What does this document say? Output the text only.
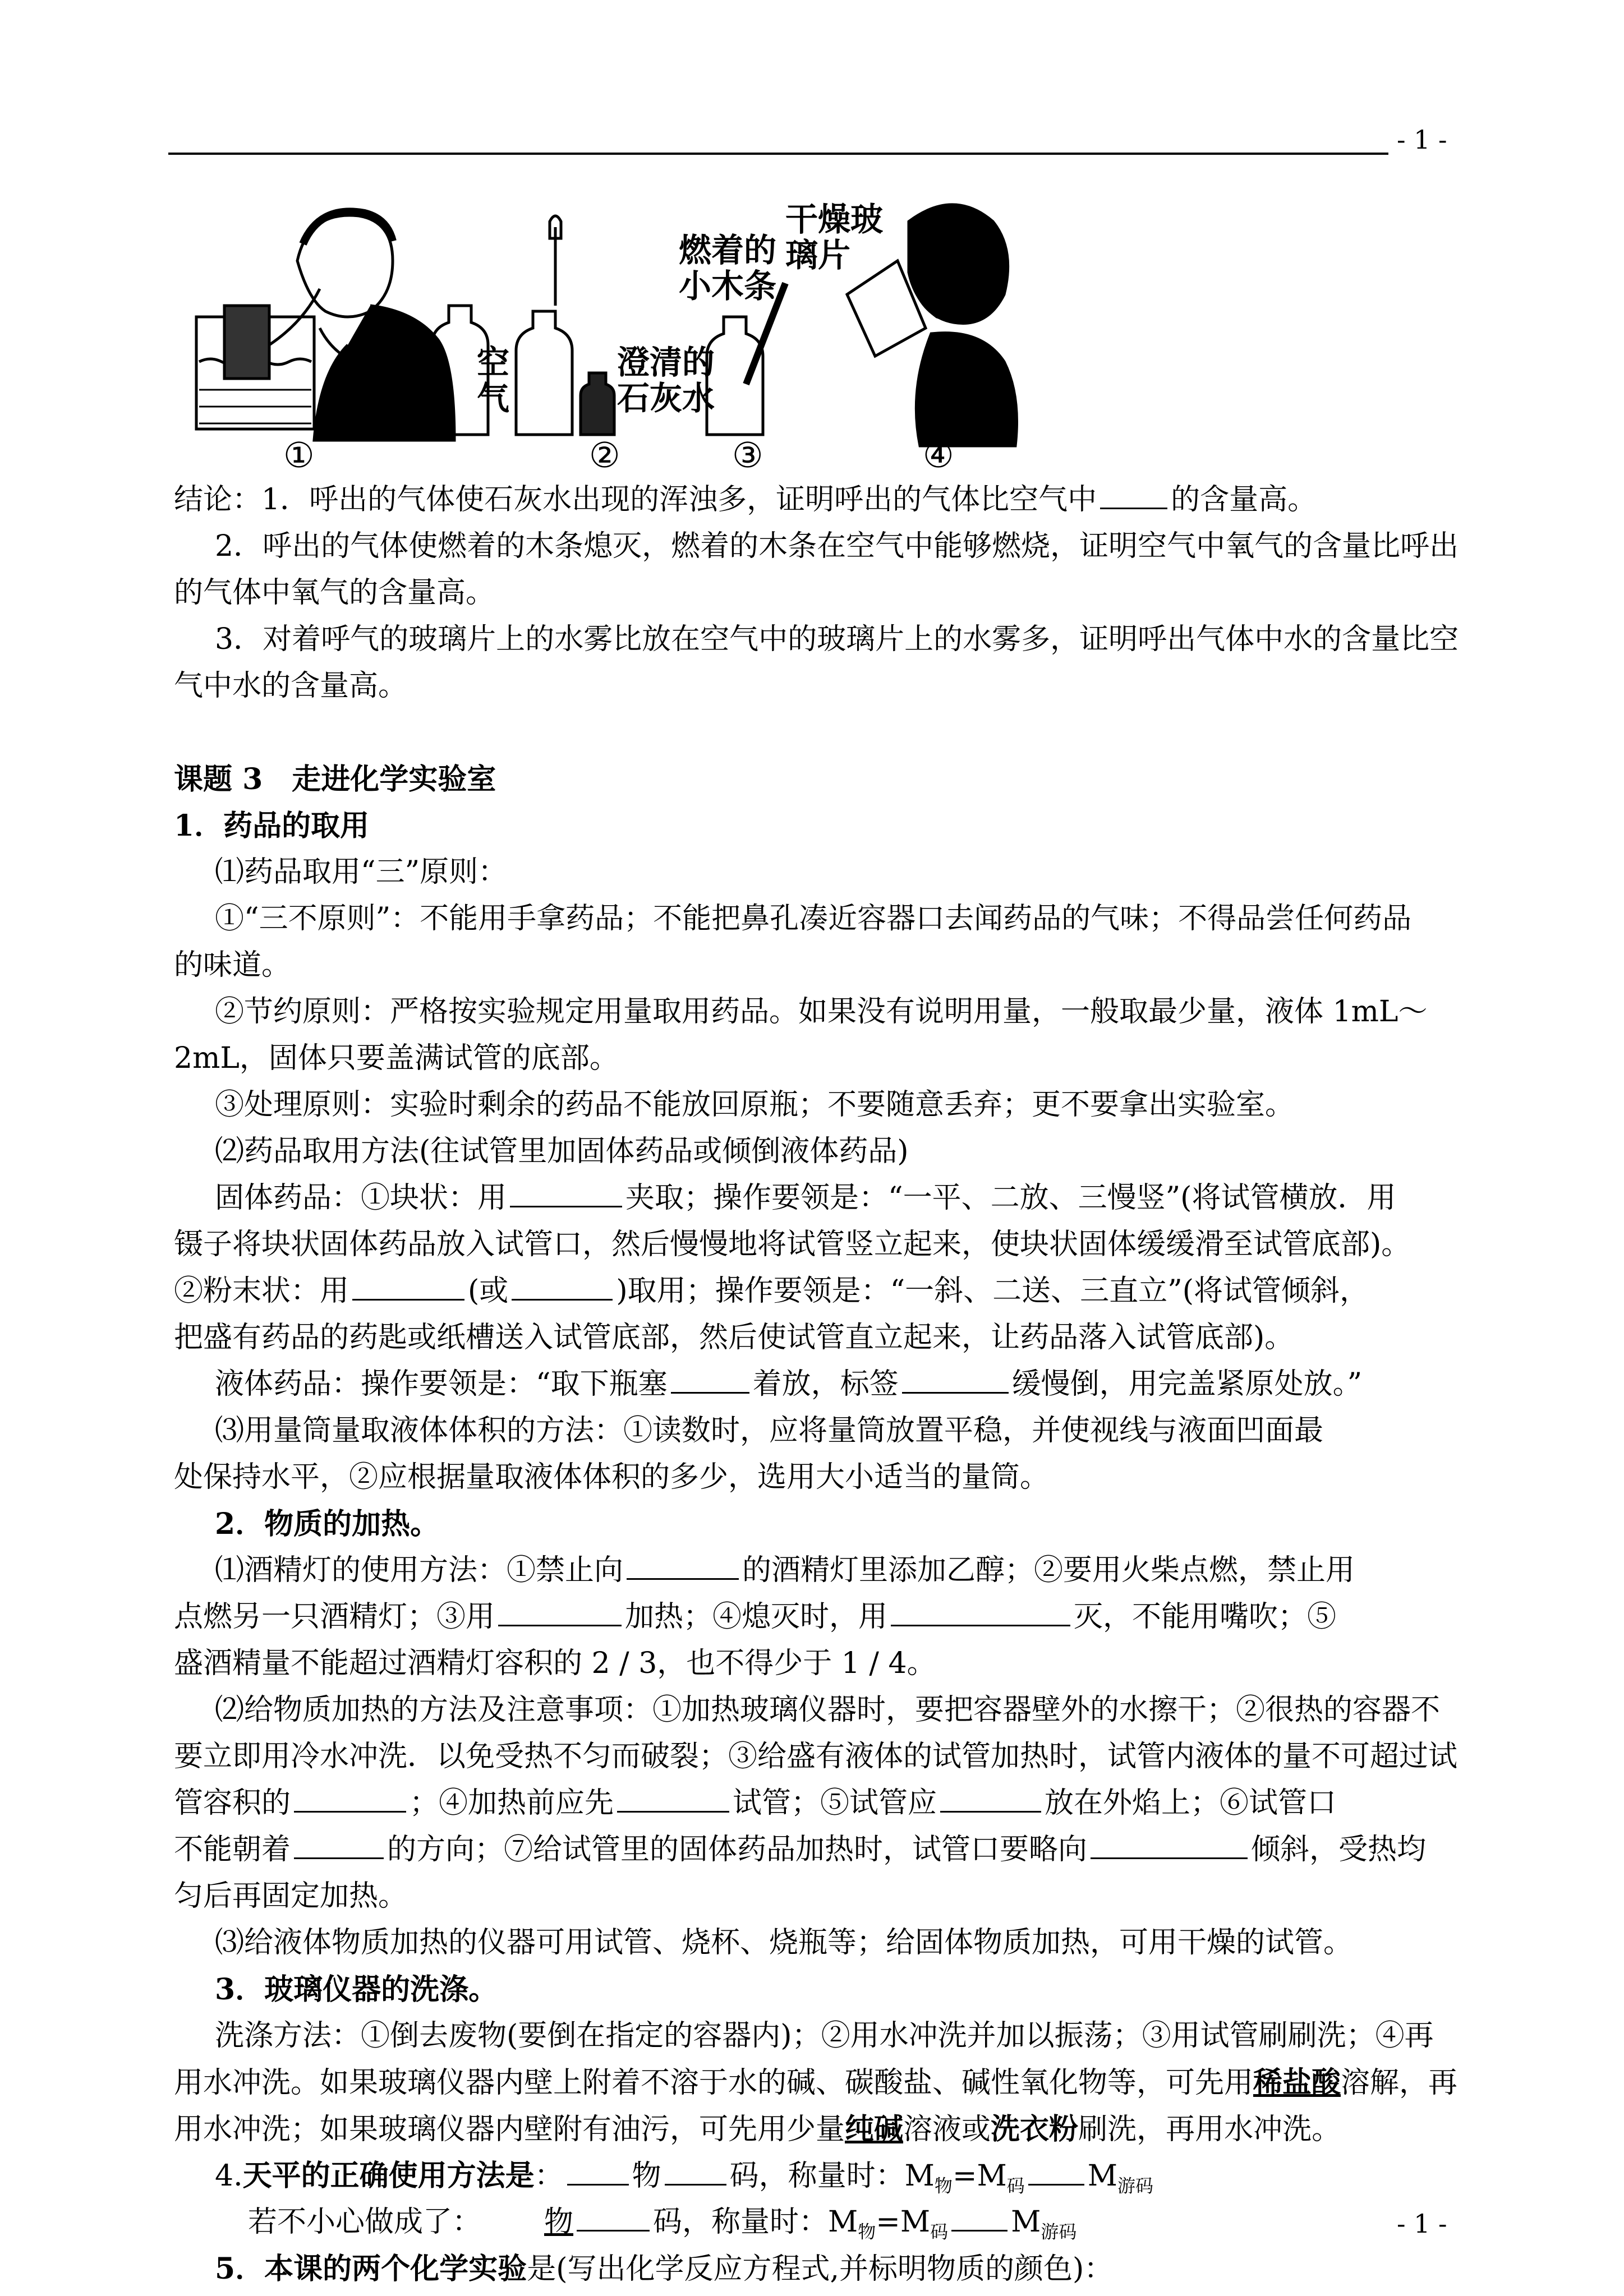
- 1 -
空气
澄清的石灰水
燃着的小木条
干燥玻璃片
①	②	③	④
结论：1．呼出的气体使石灰水出现的浑浊多，证明呼出的气体比空气中	的含量高。
2．呼出的气体使燃着的木条熄灭，燃着的木条在空气中能够燃烧，证明空气中氧气的含量比呼出
的气体中氧气的含量高。
3．对着呼气的玻璃片上的水雾比放在空气中的玻璃片上的水雾多，证明呼出气体中水的含量比空
气中水的含量高。
课题 3　走进化学实验室
1．药品的取用
⑴药品取用“三”原则：
①“三不原则”：不能用手拿药品；不能把鼻孔凑近容器口去闻药品的气味；不得品尝任何药品
的味道。
②节约原则：严格按实验规定用量取用药品。如果没有说明用量，一般取最少量，液体 1mL～
2mL，固体只要盖满试管的底部。
③处理原则：实验时剩余的药品不能放回原瓶；不要随意丢弃；更不要拿出实验室。
⑵药品取用方法(往试管里加固体药品或倾倒液体药品)
固体药品：①块状：用	夹取；操作要领是：“一平、二放、三慢竖”(将试管横放．用
镊子将块状固体药品放入试管口，然后慢慢地将试管竖立起来，使块状固体缓缓滑至试管底部)。
②粉末状：用	(或	)取用；操作要领是：“一斜、二送、三直立”(将试管倾斜，
把盛有药品的药匙或纸槽送入试管底部，然后使试管直立起来，让药品落入试管底部)。
液体药品：操作要领是：“取下瓶塞	着放，标签	缓慢倒，用完盖紧原处放。”
⑶用量筒量取液体体积的方法：①读数时，应将量筒放置平稳，并使视线与液面凹面最
处保持水平，②应根据量取液体体积的多少，选用大小适当的量筒。
2．物质的加热。
⑴酒精灯的使用方法：①禁止向	的酒精灯里添加乙醇；②要用火柴点燃，禁止用
点燃另一只酒精灯；③用	加热；④熄灭时，用	灭，不能用嘴吹；⑤
盛酒精量不能超过酒精灯容积的 2 / 3，也不得少于 1 / 4。
⑵给物质加热的方法及注意事项：①加热玻璃仪器时，要把容器壁外的水擦干；②很热的容器不
要立即用冷水冲洗．以免受热不匀而破裂；③给盛有液体的试管加热时，试管内液体的量不可超过试
管容积的	；④加热前应先	试管；⑤试管应	放在外焰上；⑥试管口
不能朝着	的方向；⑦给试管里的固体药品加热时，试管口要略向	倾斜，受热均
匀后再固定加热。
⑶给液体物质加热的仪器可用试管、烧杯、烧瓶等；给固体物质加热，可用干燥的试管。
3．玻璃仪器的洗涤。
洗涤方法：①倒去废物(要倒在指定的容器内)；②用水冲洗并加以振荡；③用试管刷刷洗；④再
用水冲洗。如果玻璃仪器内壁上附着不溶于水的碱、碳酸盐、碱性氧化物等，可先用稀盐酸溶解，再
用水冲洗；如果玻璃仪器内壁附有油污，可先用少量纯碱溶液或洗衣粉刷洗，再用水冲洗。
4.天平的正确使用方法是： 物 码，称量时：$M_物=M_码$ $M_{游码}$
若不小心做成了： 物	码，称量时：$M_物=M_码$ $M_{游码}$
5．本课的两个化学实验是(写出化学反应方程式,并标明物质的颜色)：
- 1 -
